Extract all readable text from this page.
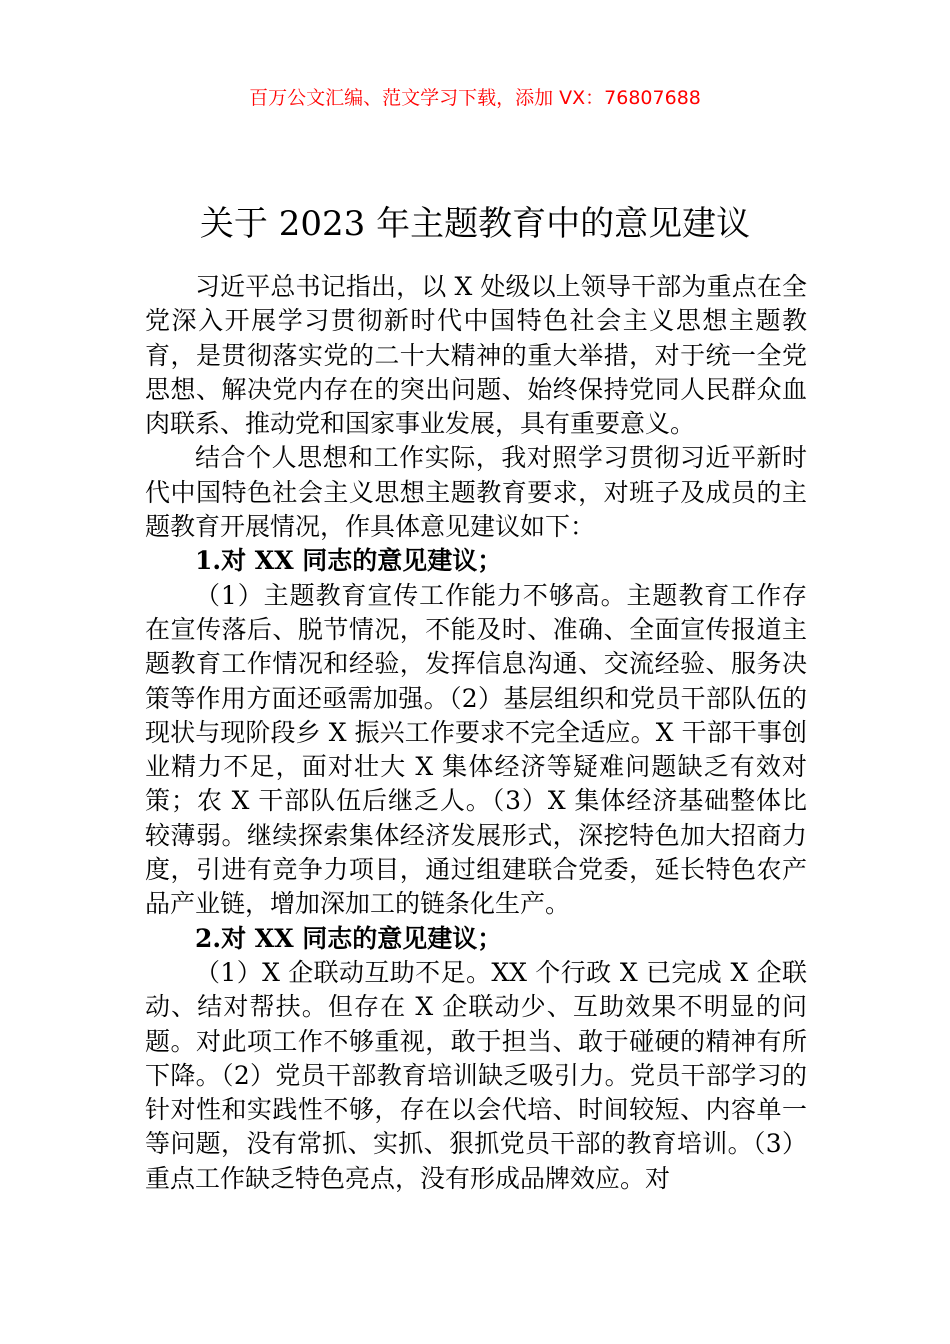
百万公文汇编、范文学习下载，添加 VX：76807688
关于 2023 年主题教育中的意见建议

习近平总书记指出，以 X 处级以上领导干部为重点在全党深入开展学习贯彻新时代中国特色社会主义思想主题教育，是贯彻落实党的二十大精神的重大举措，对于统一全党思想、解决党内存在的突出问题、始终保持党同人民群众血肉联系、推动党和国家事业发展，具有重要意义。

结合个人思想和工作实际，我对照学习贯彻习近平新时代中国特色社会主义思想主题教育要求，对班子及成员的主题教育开展情况，作具体意见建议如下：

1.对 XX 同志的意见建议；

（1）主题教育宣传工作能力不够高。主题教育工作存在宣传落后、脱节情况，不能及时、准确、全面宣传报道主题教育工作情况和经验，发挥信息沟通、交流经验、服务决策等作用方面还亟需加强。（2）基层组织和党员干部队伍的现状与现阶段乡 X 振兴工作要求不完全适应。X 干部干事创业精力不足，面对壮大 X 集体经济等疑难问题缺乏有效对策；农 X 干部队伍后继乏人。（3）X 集体经济基础整体比较薄弱。继续探索集体经济发展形式，深挖特色加大招商力度，引进有竞争力项目，通过组建联合党委，延长特色农产品产业链，增加深加工的链条化生产。

2.对 XX 同志的意见建议；

（1）X 企联动互助不足。XX 个行政 X 已完成 X 企联动、结对帮扶。但存在 X 企联动少、互助效果不明显的问题。对此项工作不够重视，敢于担当、敢于碰硬的精神有所下降。（2）党员干部教育培训缺乏吸引力。党员干部学习的针对性和实践性不够，存在以会代培、时间较短、内容单一等问题，没有常抓、实抓、狠抓党员干部的教育培训。（3）重点工作缺乏特色亮点，没有形成品牌效应。对
